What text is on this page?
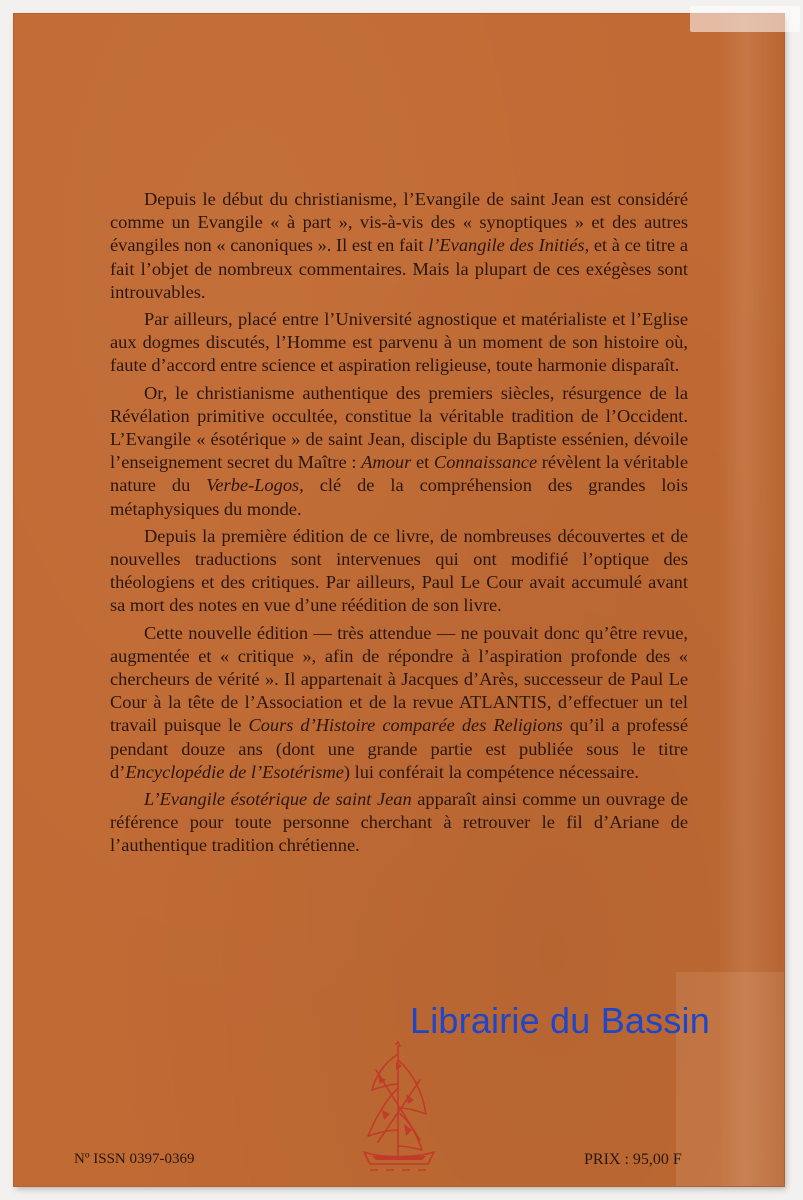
Depuis le début du christianisme, l’Evangile de saint Jean est considéré comme un Evangile « à part », vis-à-vis des « synoptiques » et des autres évangiles non « canoniques ». Il est en fait l’Evangile des Initiés, et à ce titre a fait l’objet de nombreux commentaires. Mais la plupart de ces exégèses sont introuvables.

Par ailleurs, placé entre l’Université agnostique et matérialiste et l’Eglise aux dogmes discutés, l’Homme est parvenu à un moment de son histoire où, faute d’accord entre science et aspiration religieuse, toute harmonie disparaît.

Or, le christianisme authentique des premiers siècles, résurgence de la Révélation primitive occultée, constitue la véritable tradition de l’Occident. L’Evangile « ésotérique » de saint Jean, disciple du Baptiste essénien, dévoile l’enseignement secret du Maître : Amour et Connaissance révèlent la véritable nature du Verbe-Logos, clé de la compréhension des grandes lois métaphysiques du monde.

Depuis la première édition de ce livre, de nombreuses découvertes et de nouvelles traductions sont intervenues qui ont modifié l’optique des théologiens et des critiques. Par ailleurs, Paul Le Cour avait accumulé avant sa mort des notes en vue d’une réédition de son livre.

Cette nouvelle édition — très attendue — ne pouvait donc qu’être revue, augmentée et « critique », afin de répondre à l’aspiration profonde des « chercheurs de vérité ». Il appartenait à Jacques d’Arès, successeur de Paul Le Cour à la tête de l’Association et de la revue ATLANTIS, d’effectuer un tel travail puisque le Cours d’Histoire comparée des Religions qu’il a professé pendant douze ans (dont une grande partie est publiée sous le titre d’Encyclopédie de l’Esotérisme) lui conférait la compétence nécessaire.

L’Evangile ésotérique de saint Jean apparaît ainsi comme un ouvrage de référence pour toute personne cherchant à retrouver le fil d’Ariane de l’authentique tradition chrétienne.

Librairie du Bassin
Nº ISSN 0397-0369	PRIX : 95,00 F
